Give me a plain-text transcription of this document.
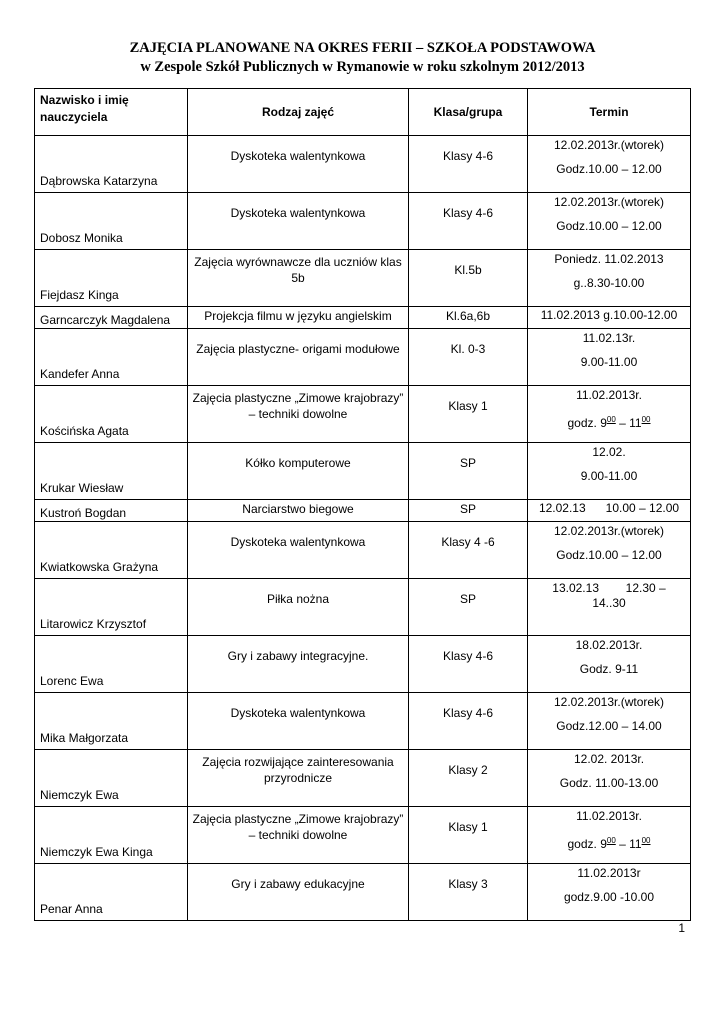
ZAJĘCIA PLANOWANE NA OKRES FERII – SZKOŁA PODSTAWOWA
w Zespole Szkół Publicznych w Rymanowie w roku szkolnym 2012/2013
Nazwisko i imię
nauczyciela	Rodzaj zajęć	Klasa/grupa	Termin
Dąbrowska Katarzyna	Dyskoteka walentynkowa	Klasy 4-6	12.02.2013r.(wtorek)
Godz.10.00 – 12.00

Dobosz Monika	Dyskoteka walentynkowa	Klasy 4-6	12.02.2013r.(wtorek)
Godz.10.00 – 12.00

Fiejdasz Kinga	Zajęcia wyrównawcze dla uczniów klas
5b	Kl.5b	Poniedz. 11.02.2013
g..8.30-10.00

Garncarczyk Magdalena	Projekcja filmu w języku angielskim	Kl.6a,6b	11.02.2013 g.10.00-12.00

Kandefer Anna	Zajęcia plastyczne- origami modułowe	Kl. 0-3	11.02.13r.
9.00-11.00

Kościńska Agata	Zajęcia plastyczne „Zimowe krajobrazy”
– techniki dowolne	Klasy 1	11.02.2013r.
godz. $9^{00} - 11^{00}$

Krukar Wiesław	Kółko komputerowe	SP	12.02.
9.00-11.00

Kustroń Bogdan	Narciarstwo biegowe	SP	12.02.13      10.00 – 12.00

Kwiatkowska Grażyna	Dyskoteka walentynkowa	Klasy 4 -6	12.02.2013r.(wtorek)
Godz.10.00 – 12.00

Litarowicz Krzysztof	Piłka nożna	SP	13.02.13        12.30 –
14..30

Lorenc Ewa	Gry i zabawy integracyjne.	Klasy 4-6	18.02.2013r.
Godz. 9-11

Mika Małgorzata	Dyskoteka walentynkowa	Klasy 4-6	12.02.2013r.(wtorek)
Godz.12.00 – 14.00

Niemczyk Ewa	Zajęcia rozwijające zainteresowania
przyrodnicze	Klasy 2	12.02. 2013r.
Godz. 11.00-13.00

Niemczyk Ewa Kinga	Zajęcia plastyczne „Zimowe krajobrazy”
– techniki dowolne	Klasy 1	11.02.2013r.
godz. $9^{00} - 11^{00}$

Penar Anna	Gry i zabawy edukacyjne	Klasy 3	11.02.2013r
godz.9.00 -10.00
1
